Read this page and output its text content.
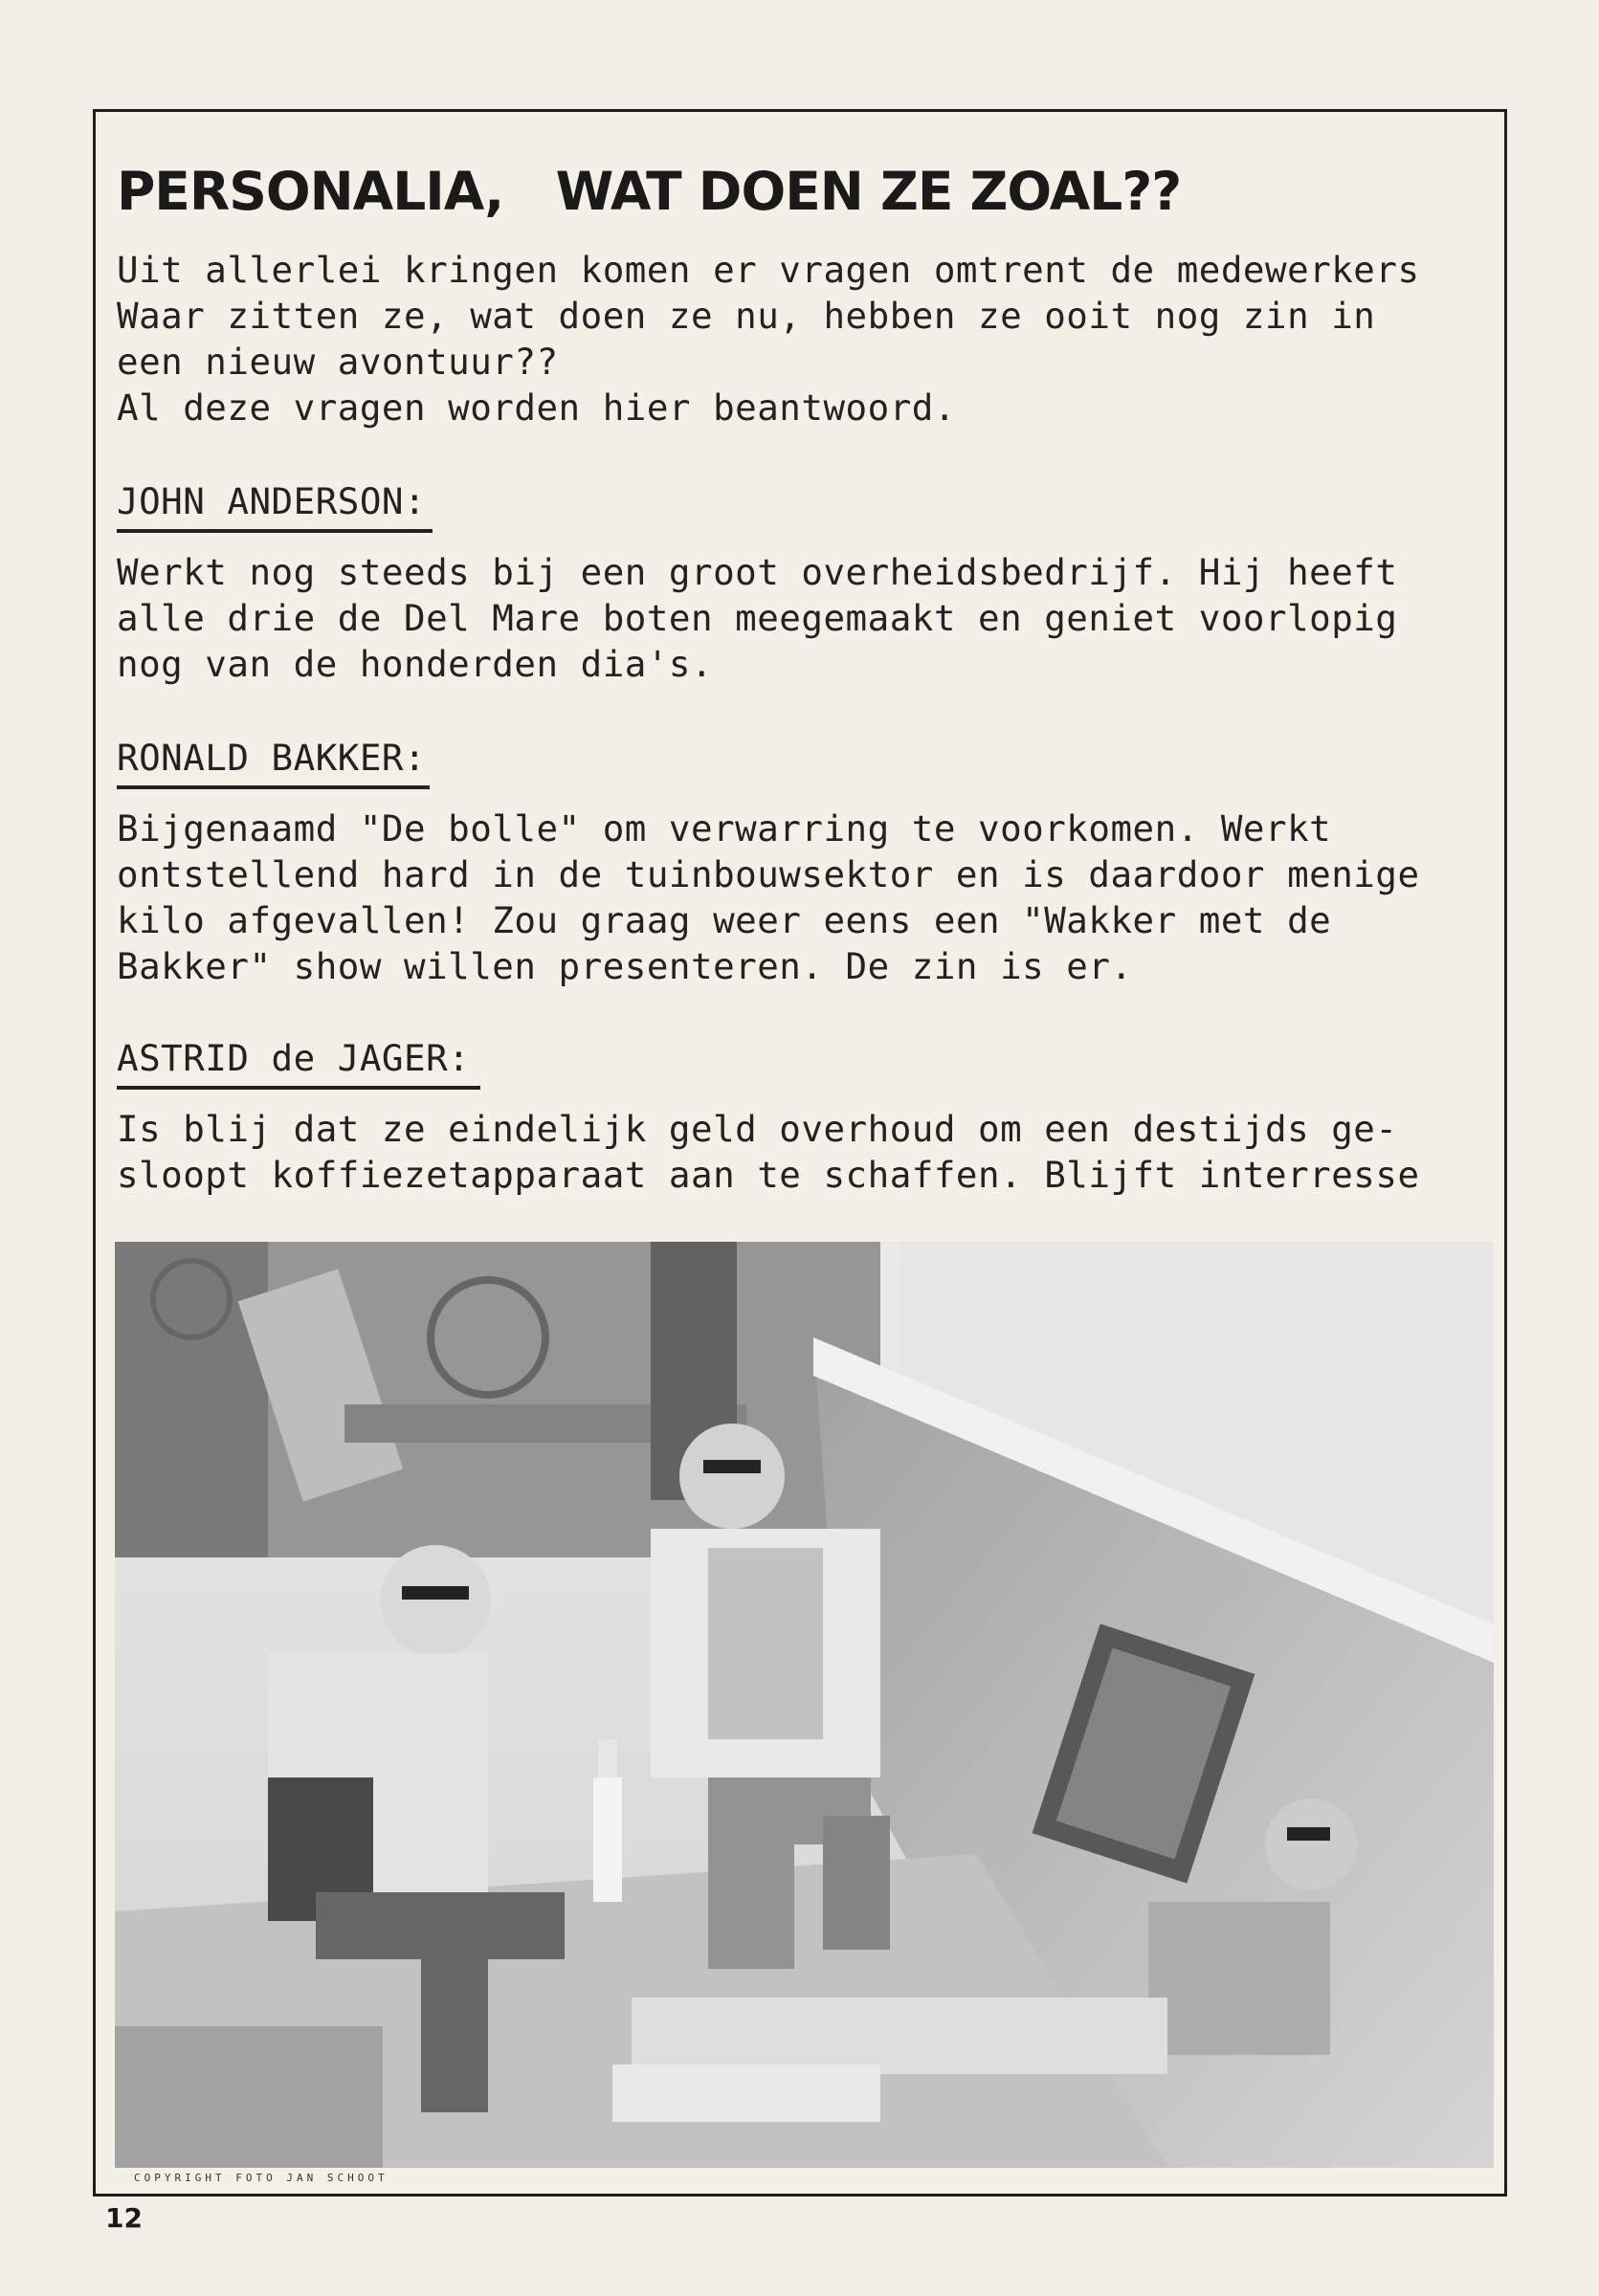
PERSONALIA,   WAT DOEN ZE ZOAL??

Uit allerlei kringen komen er vragen omtrent de medewerkers

Waar zitten ze, wat doen ze nu, hebben ze ooit nog zin in

een nieuw avontuur??

Al deze vragen worden hier beantwoord.

JOHN ANDERSON:

Werkt nog steeds bij een groot overheidsbedrijf. Hij heeft

alle drie de Del Mare boten meegemaakt en geniet voorlopig

nog van de honderden dia's.

RONALD BAKKER:

Bijgenaamd "De bolle" om verwarring te voorkomen. Werkt

ontstellend hard in de tuinbouwsektor en is daardoor menige

kilo afgevallen! Zou graag weer eens een "Wakker met de

Bakker" show willen presenteren. De zin is er.

ASTRID de JAGER:

Is blij dat ze eindelijk geld overhoud om een destijds ge-

sloopt koffiezetapparaat aan te schaffen. Blijft interresse

COPYRIGHT FOTO JAN SCHOOT
12
